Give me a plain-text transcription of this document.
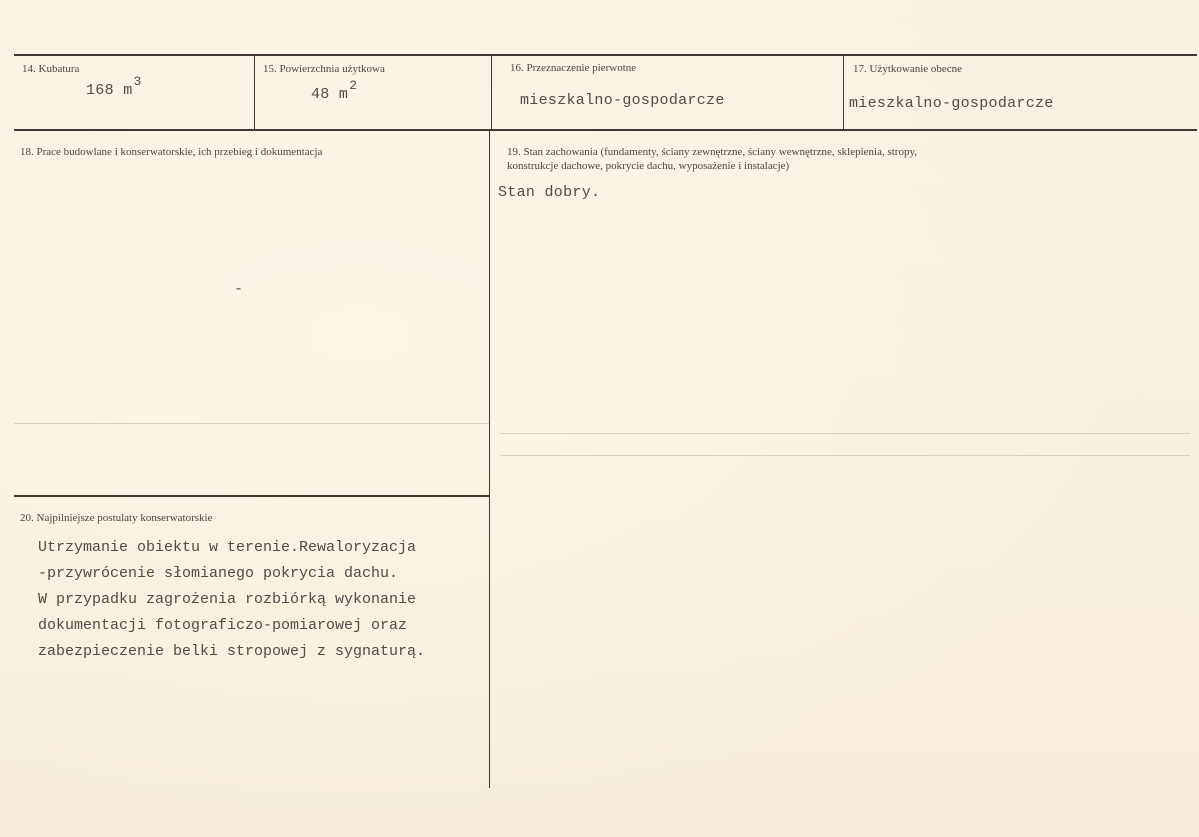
14. Kubatura
168 m3
15. Powierzchnia użytkowa
48 m2
16. Przeznaczenie pierwotne
mieszkalno-gospodarcze
17. Użytkowanie obecne
mieszkalno-gospodarcze
18. Prace budowlane i konserwatorskie, ich przebieg i dokumentacja
-
19. Stan zachowania (fundamenty, ściany zewnętrzne, ściany wewnętrzne, sklepienia, stropy,
konstrukcje dachowe, pokrycie dachu, wyposażenie i instalacje)
Stan dobry.
20. Najpilniejsze postulaty konserwatorskie
Utrzymanie obiektu w terenie.Rewaloryzacja
-przywrócenie słomianego pokrycia dachu.
W przypadku zagrożenia rozbiórką wykonanie
dokumentacji fotograficzo-pomiarowej oraz
zabezpieczenie belki stropowej z sygnaturą.
